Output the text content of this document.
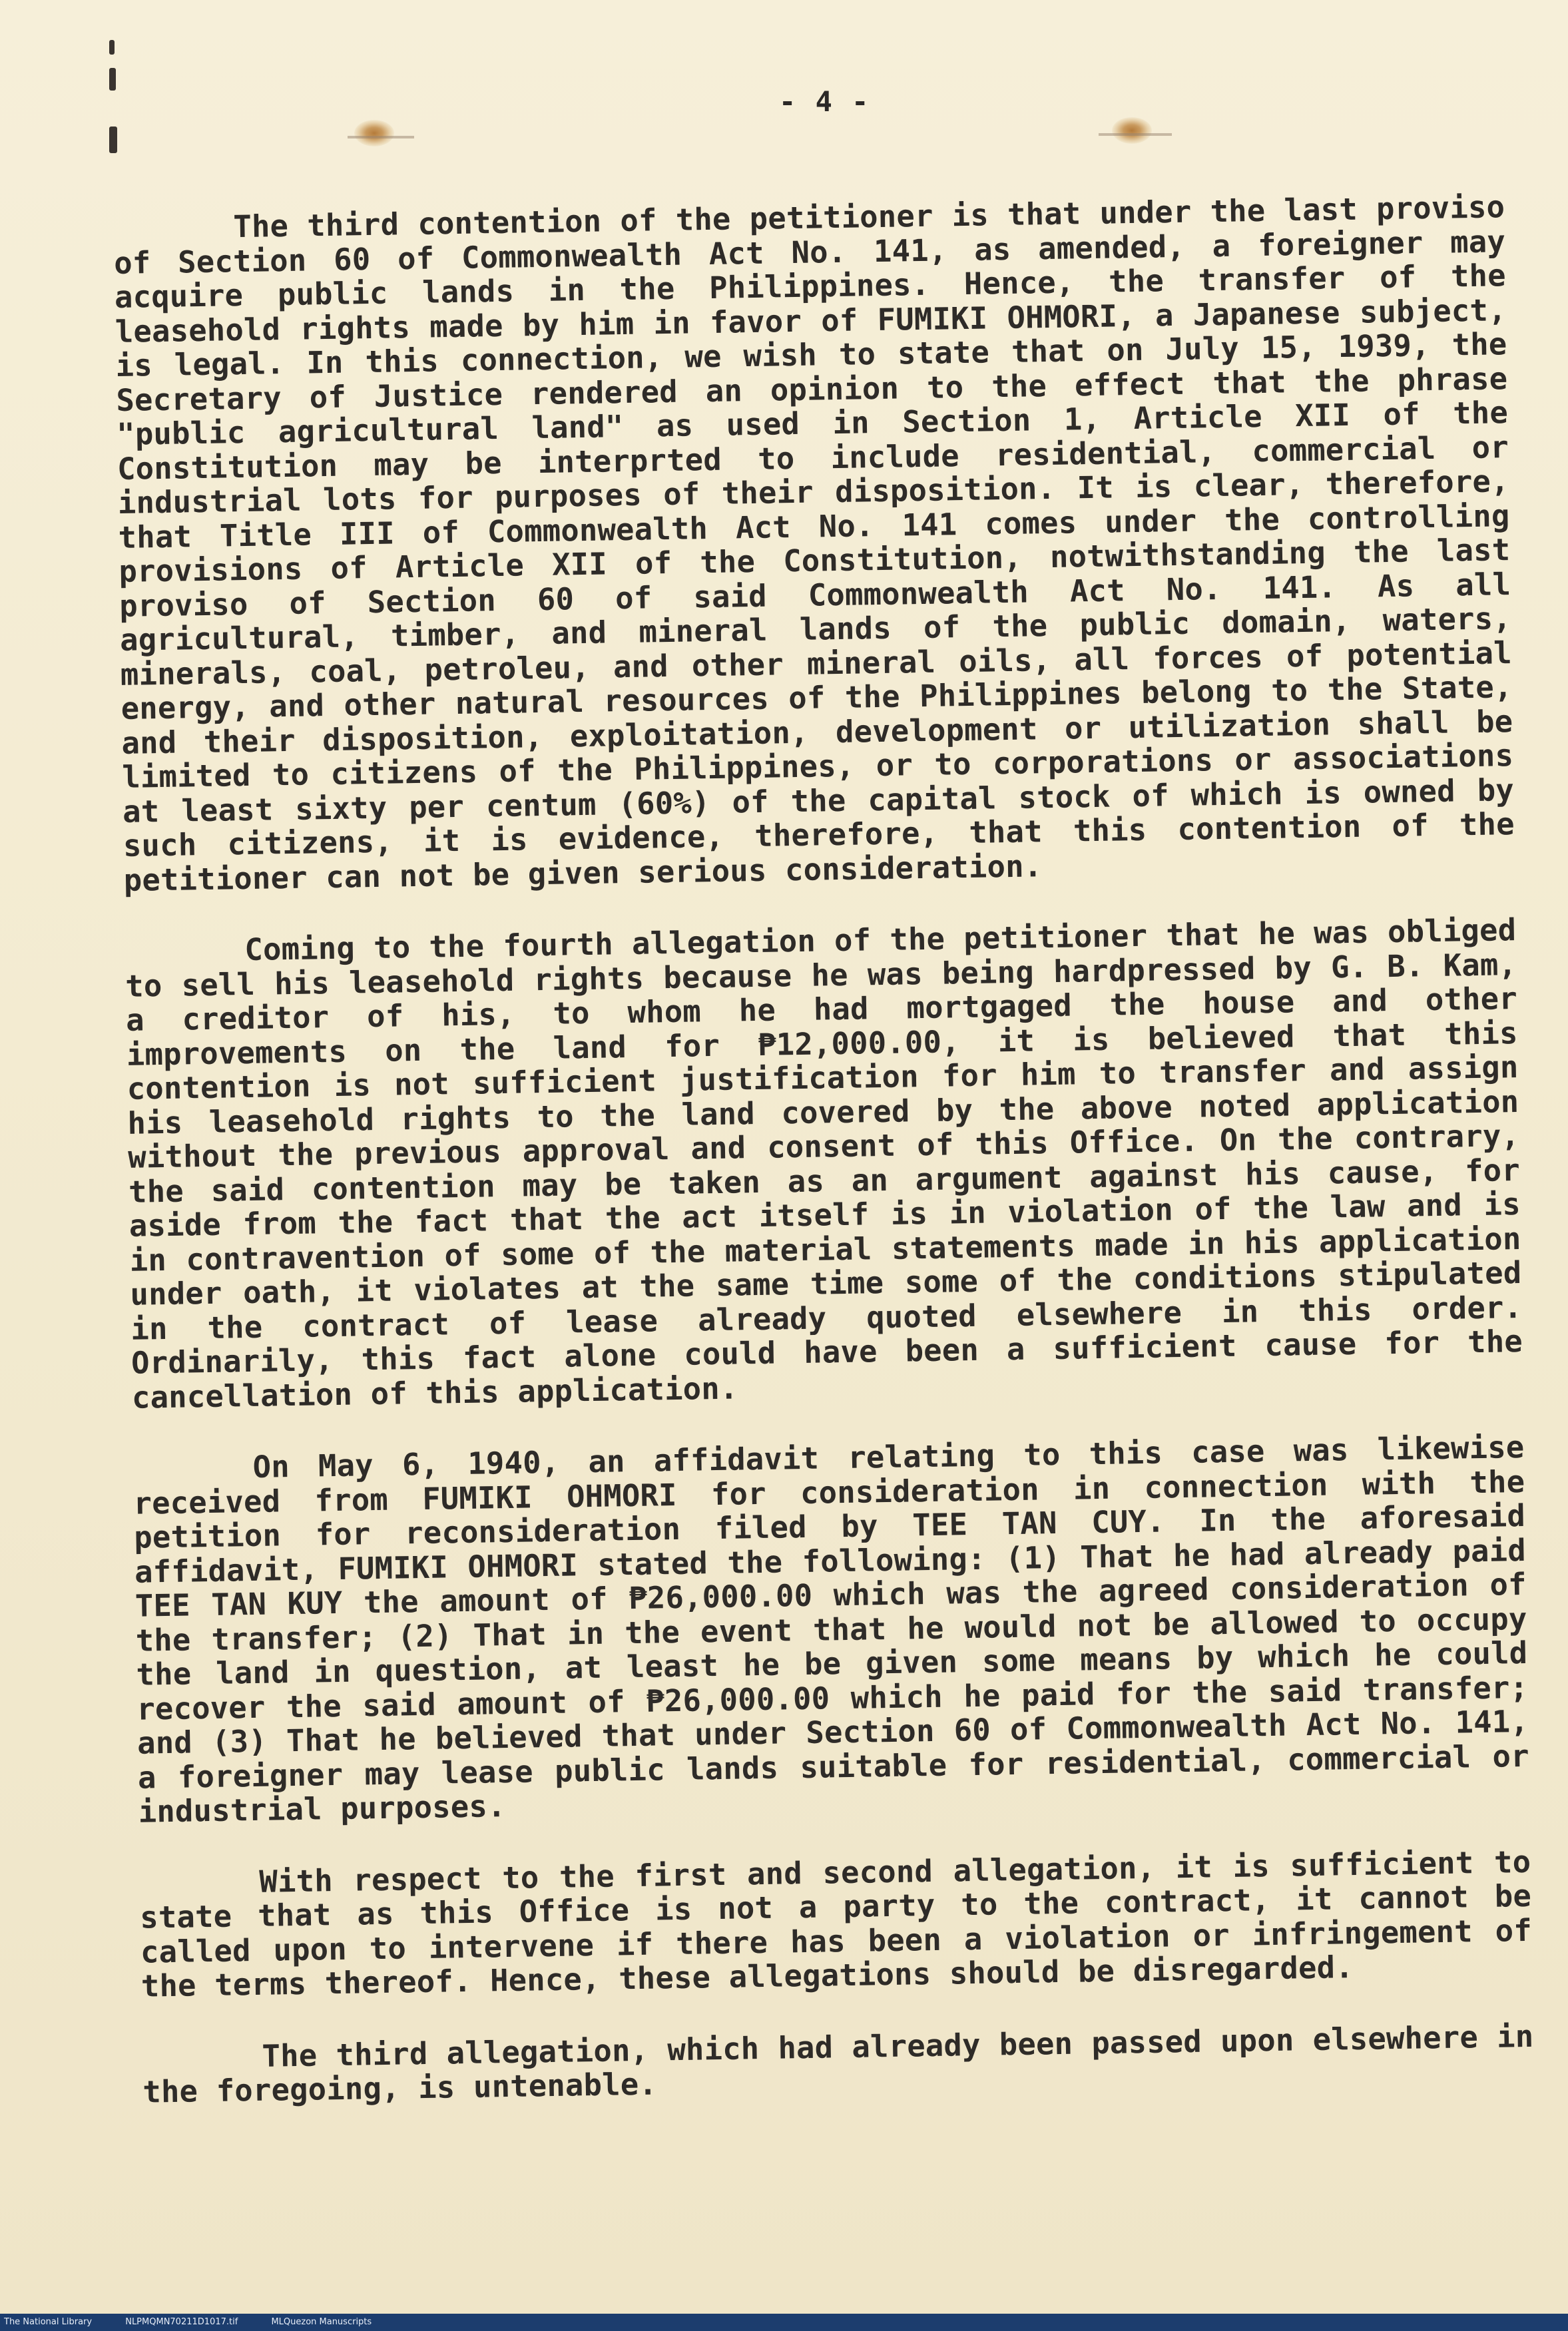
- 4 -

The third contention of the petitioner is that under the last proviso of Section 60 of Commonwealth Act No. 141, as amended, a foreigner may acquire public lands in the Philippines. Hence, the transfer of the leasehold rights made by him in favor of FUMIKI OHMORI, a Japanese subject, is legal. In this connection, we wish to state that on July 15, 1939, the Secretary of Justice rendered an opinion to the effect that the phrase "public agricultural land" as used in Section 1, Article XII of the Constitution may be interprted to include residential, commercial or industrial lots for purposes of their disposition. It is clear, therefore, that Title III of Commonwealth Act No. 141 comes under the controlling provisions of Article XII of the Constitution, notwithstanding the last proviso of Section 60 of said Commonwealth Act No. 141. As all agricultural, timber, and mineral lands of the public domain, waters, minerals, coal, petroleu, and other mineral oils, all forces of potential energy, and other natural resources of the Philippines belong to the State, and their disposition, exploitation, development or utilization shall be limited to citizens of the Philippines, or to corporations or associations at least sixty per centum (60%) of the capital stock of which is owned by such citizens, it is evidence, therefore, that this contention of the petitioner can not be given serious consideration.

Coming to the fourth allegation of the petitioner that he was obliged to sell his leasehold rights because he was being hardpressed by G. B. Kam, a creditor of his, to whom he had mortgaged the house and other improvements on the land for ₱12,000.00, it is believed that this contention is not sufficient justification for him to transfer and assign his leasehold rights to the land covered by the above noted application without the previous approval and consent of this Office. On the contrary, the said contention may be taken as an argument against his cause, for aside from the fact that the act itself is in violation of the law and is in contravention of some of the material statements made in his application under oath, it violates at the same time some of the conditions stipulated in the contract of lease already quoted elsewhere in this order. Ordinarily, this fact alone could have been a sufficient cause for the cancellation of this application.

On May 6, 1940, an affidavit relating to this case was likewise received from FUMIKI OHMORI for consideration in connection with the petition for reconsideration filed by TEE TAN CUY. In the aforesaid affidavit, FUMIKI OHMORI stated the following: (1) That he had already paid TEE TAN KUY the amount of ₱26,000.00 which was the agreed consideration of the transfer; (2) That in the event that he would not be allowed to occupy the land in question, at least he be given some means by which he could recover the said amount of ₱26,000.00 which he paid for the said transfer; and (3) That he believed that under Section 60 of Commonwealth Act No. 141, a foreigner may lease public lands suitable for residential, commercial or industrial purposes.

With respect to the first and second allegation, it is sufficient to state that as this Office is not a party to the contract, it cannot be called upon to intervene if there has been a violation or infringement of the terms thereof. Hence, these allegations should be disregarded.

The third allegation, which had already been passed upon elsewhere in the foregoing, is untenable.

The National Library	NLPMQMN70211D1017.tif	MLQuezon Manuscripts
